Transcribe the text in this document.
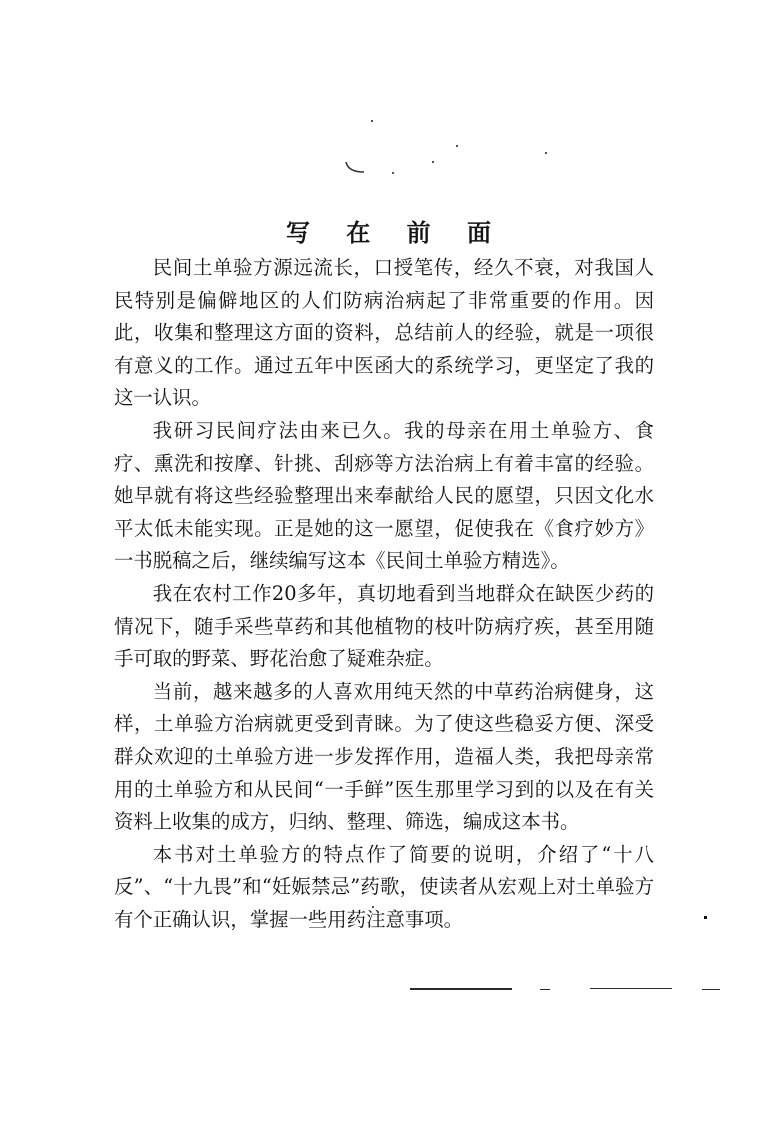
写 在 前 面

民间土单验方源远流长，口授笔传，经久不衰，对我国人民特别是偏僻地区的人们防病治病起了非常重要的作用。因此，收集和整理这方面的资料，总结前人的经验，就是一项很有意义的工作。通过五年中医函大的系统学习，更坚定了我的这一认识。

我研习民间疗法由来已久。我的母亲在用土单验方、食疗、熏洗和按摩、针挑、刮痧等方法治病上有着丰富的经验。她早就有将这些经验整理出来奉献给人民的愿望，只因文化水平太低未能实现。正是她的这一愿望，促使我在《食疗妙方》一书脱稿之后，继续编写这本《民间土单验方精选》。

我在农村工作20多年，真切地看到当地群众在缺医少药的情况下，随手采些草药和其他植物的枝叶防病疗疾，甚至用随手可取的野菜、野花治愈了疑难杂症。

当前，越来越多的人喜欢用纯天然的中草药治病健身，这样，土单验方治病就更受到青睐。为了使这些稳妥方便、深受群众欢迎的土单验方进一步发挥作用，造福人类，我把母亲常用的土单验方和从民间“一手鲜”医生那里学习到的以及在有关资料上收集的成方，归纳、整理、筛选，编成这本书。

本书对土单验方的特点作了简要的说明，介绍了“十八反”、“十九畏”和“妊娠禁忌”药歌，使读者从宏观上对土单验方有个正确认识，掌握一些用药注意事项。
